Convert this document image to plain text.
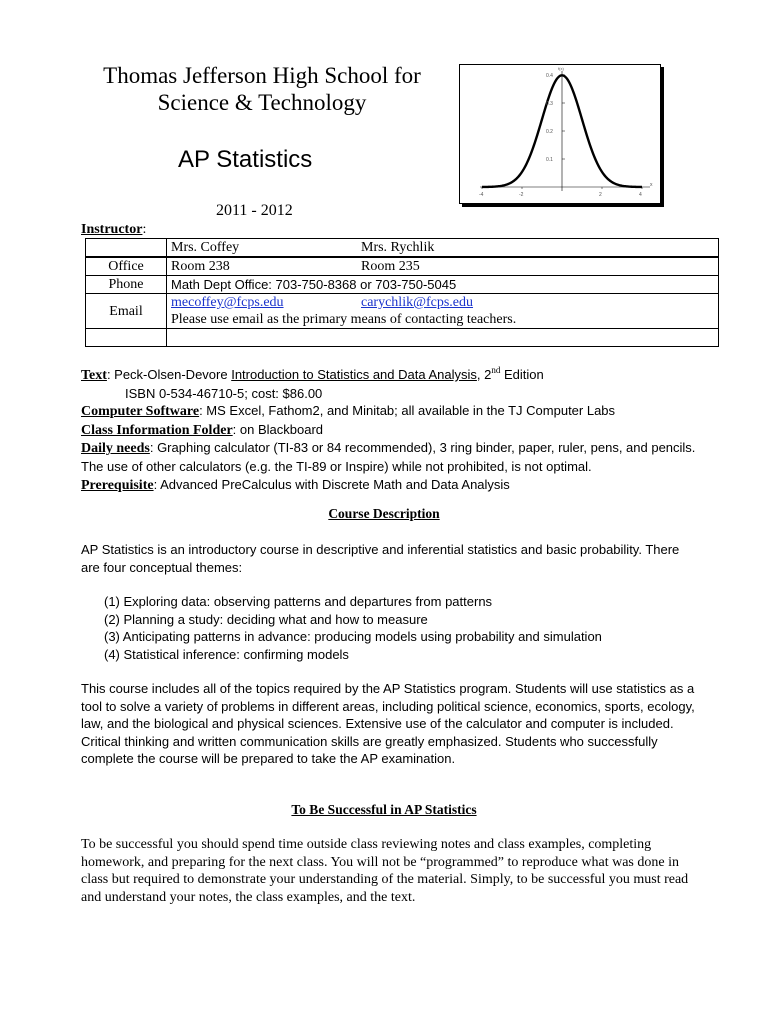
Thomas Jefferson High School for
Science & Technology
AP Statistics
2011 - 2012
0.4
0.3
0.2
0.1
-4	-2	2	4
x
f(x)
Instructor:
	Mrs. Coffey Mrs. Rychlik
Office	Room 238 Room 235
Phone	Math Dept Office: 703-750-8368 or 703-750-5045
Email	mecoffey@fcps.edu carychlik@fcps.edu
Please use email as the primary means of contacting teachers.

Text: Peck-Olsen-Devore Introduction to Statistics and Data Analysis, 2nd Edition

ISBN 0-534-46710-5; cost: $86.00

Computer Software: MS Excel, Fathom2, and Minitab; all available in the TJ Computer Labs

Class Information Folder: on Blackboard

Daily needs: Graphing calculator (TI-83 or 84 recommended), 3 ring binder, paper, ruler, pens, and pencils. The use of other calculators (e.g. the TI-89 or Inspire) while not prohibited, is not optimal.

Prerequisite: Advanced PreCalculus with Discrete Math and Data Analysis

Course Description

AP Statistics is an introductory course in descriptive and inferential statistics and basic probability. There are four conceptual themes:

(1) Exploring data: observing patterns and departures from patterns
(2) Planning a study: deciding what and how to measure
(3) Anticipating patterns in advance: producing models using probability and simulation
(4) Statistical inference: confirming models

This course includes all of the topics required by the AP Statistics program. Students will use statistics as a tool to solve a variety of problems in different areas, including political science, economics, sports, ecology, law, and the biological and physical sciences. Extensive use of the calculator and computer is included. Critical thinking and written communication skills are greatly emphasized. Students who successfully complete the course will be prepared to take the AP examination.

To Be Successful in AP Statistics

To be successful you should spend time outside class reviewing notes and class examples, completing homework, and preparing for the next class. You will not be “programmed” to reproduce what was done in class but required to demonstrate your understanding of the material. Simply, to be successful you must read and understand your notes, the class examples, and the text.
